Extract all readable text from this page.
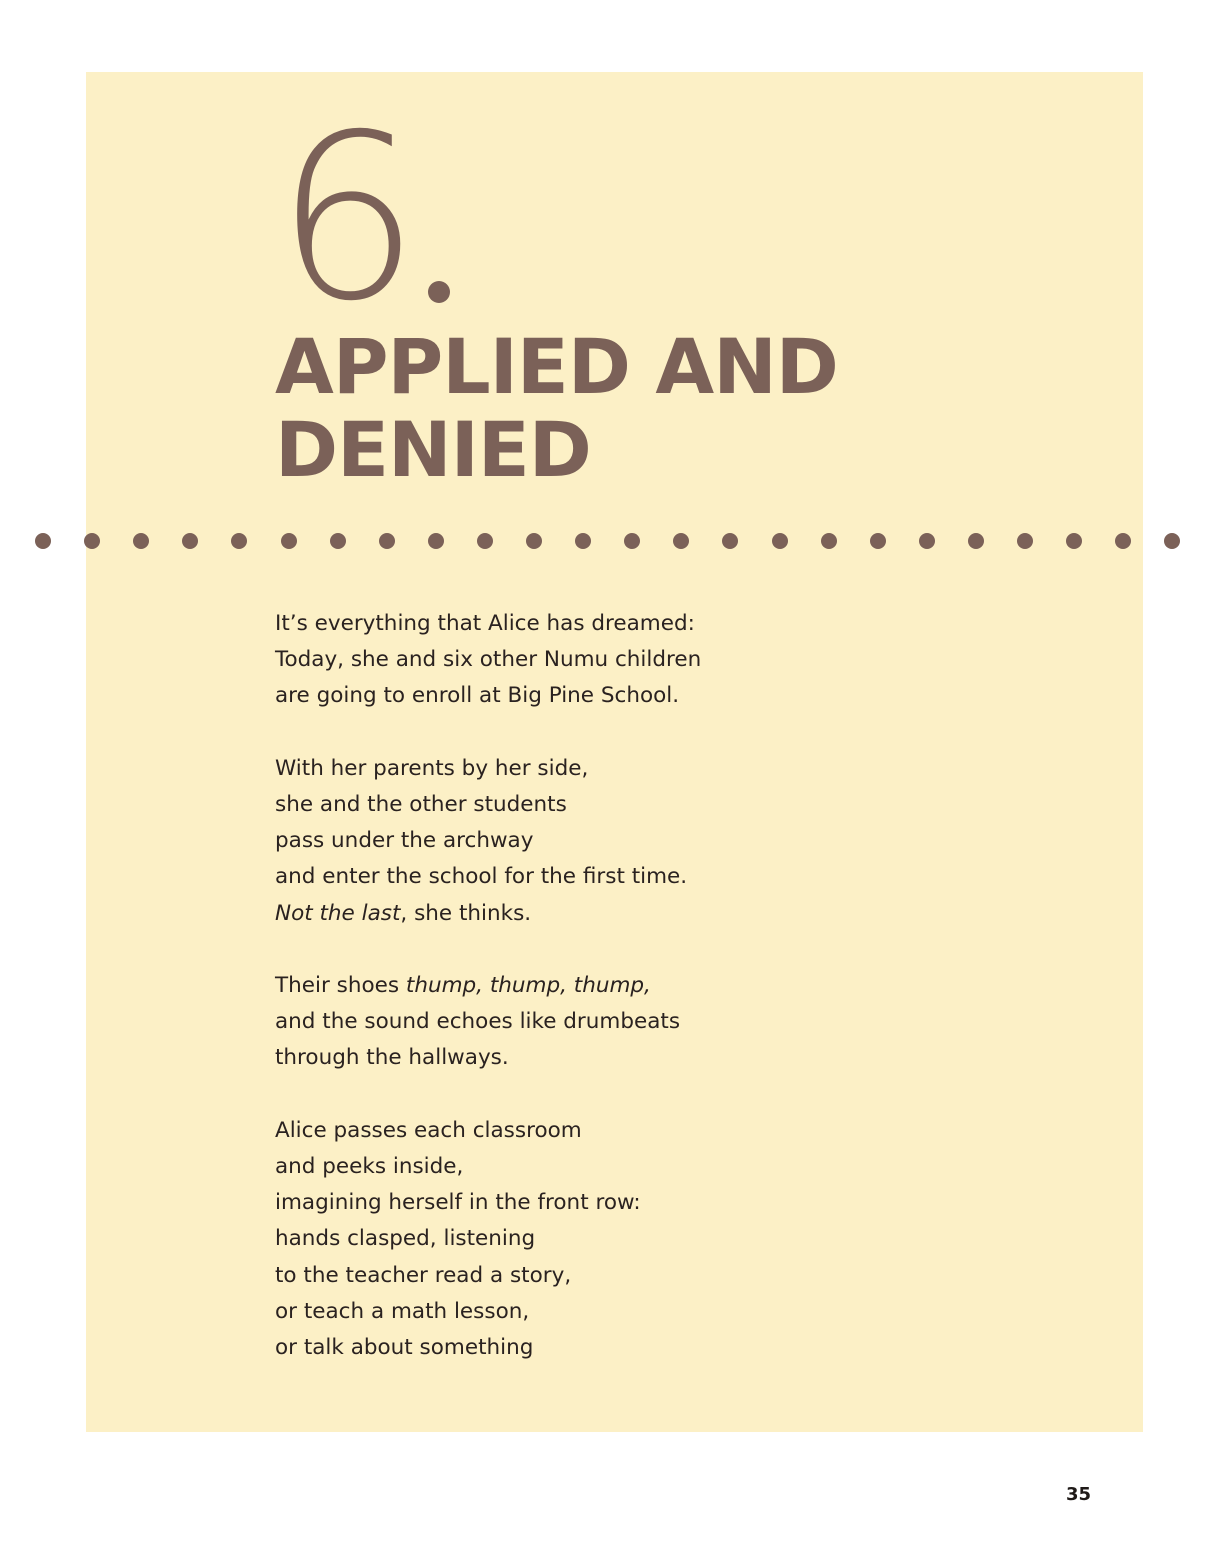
6
APPLIED AND DENIED

It’s everything that Alice has dreamed:
Today, she and six other Numu children
are going to enroll at Big Pine School.

With her parents by her side,
she and the other students
pass under the archway
and enter the school for the first time.
Not the last, she thinks.

Their shoes thump, thump, thump,
and the sound echoes like drumbeats
through the hallways.

Alice passes each classroom
and peeks inside,
imagining herself in the front row:
hands clasped, listening
to the teacher read a story,
or teach a math lesson,
or talk about something

35
